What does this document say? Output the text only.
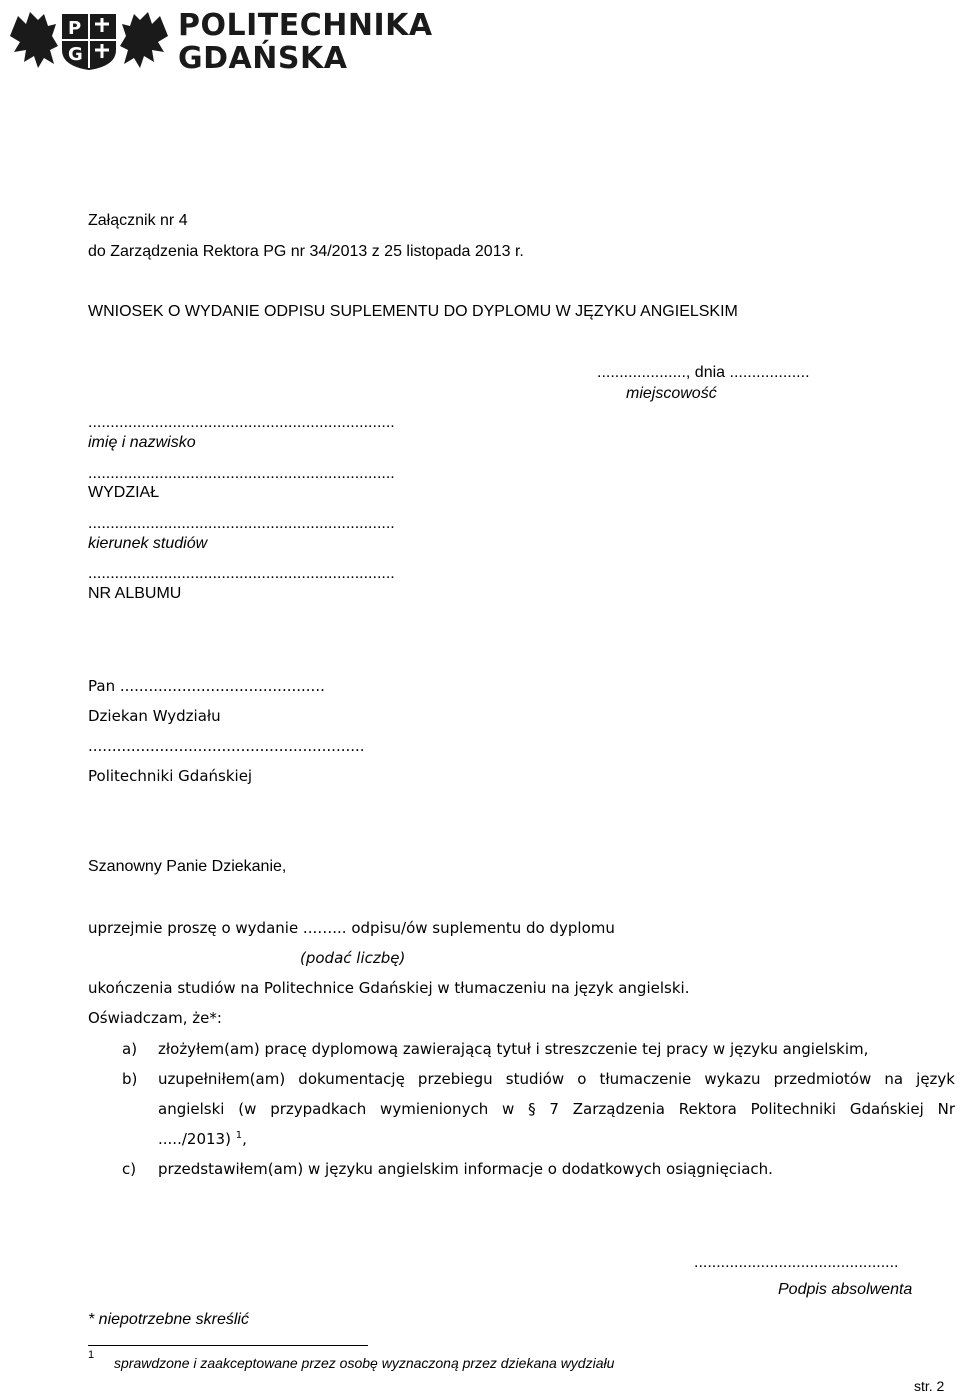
P
G
POLITECHNIKA
GDAŃSKA
Załącznik nr 4
do Zarządzenia Rektora PG nr 34/2013 z 25 listopada 2013 r.
WNIOSEK O WYDANIE ODPISU SUPLEMENTU DO DYPLOMU W JĘZYKU ANGIELSKIM
...................., dnia ..................
miejscowość
.....................................................................
imię i nazwisko
.....................................................................
WYDZIAŁ
.....................................................................
kierunek studiów
.....................................................................
NR ALBUMU
Pan ...........................................
Dziekan Wydziału
..........................................................
Politechniki Gdańskiej
Szanowny Panie Dziekanie,
uprzejmie proszę o wydanie ...…... odpisu/ów suplementu do dyplomu
(podać liczbę)
ukończenia studiów na Politechnice Gdańskiej w tłumaczeniu na język angielski.
Oświadczam, że*:
a) złożyłem(am) pracę dyplomową zawierającą tytuł i streszczenie tej pracy w języku angielskim,
b) uzupełniłem(am) dokumentację przebiegu studiów o tłumaczenie wykazu przedmiotów na język
angielski (w przypadkach wymienionych w § 7 Zarządzenia Rektora Politechniki Gdańskiej Nr
...../2013) $^1$,
c) przedstawiłem(am) w języku angielskim informacje o dodatkowych osiągnięciach.
..............................................
Podpis absolwenta
* niepotrzebne skreślić
1 sprawdzone i zaakceptowane przez osobę wyznaczoną przez dziekana wydziału
str. 2
